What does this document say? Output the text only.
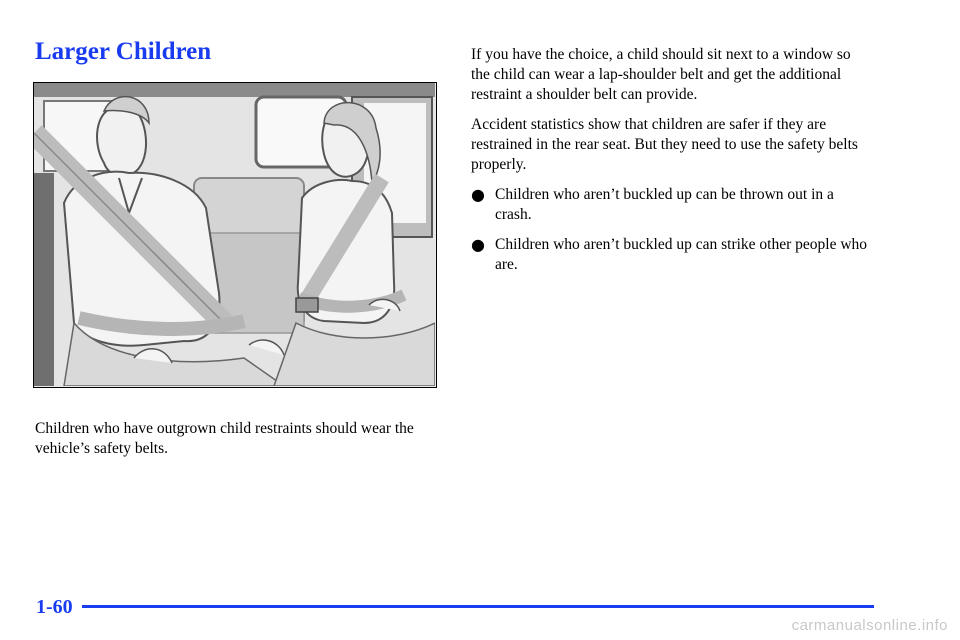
Larger Children

Children who have outgrown child restraints should wear the vehicle’s safety belts.

If you have the choice, a child should sit next to a window so the child can wear a lap-shoulder belt and get the additional restraint a shoulder belt can provide.

Accident statistics show that children are safer if they are restrained in the rear seat. But they need to use the safety belts properly.

● Children who aren’t buckled up can be thrown out in a crash.
● Children who aren’t buckled up can strike other people who are.
1-60
carmanualsonline.info
